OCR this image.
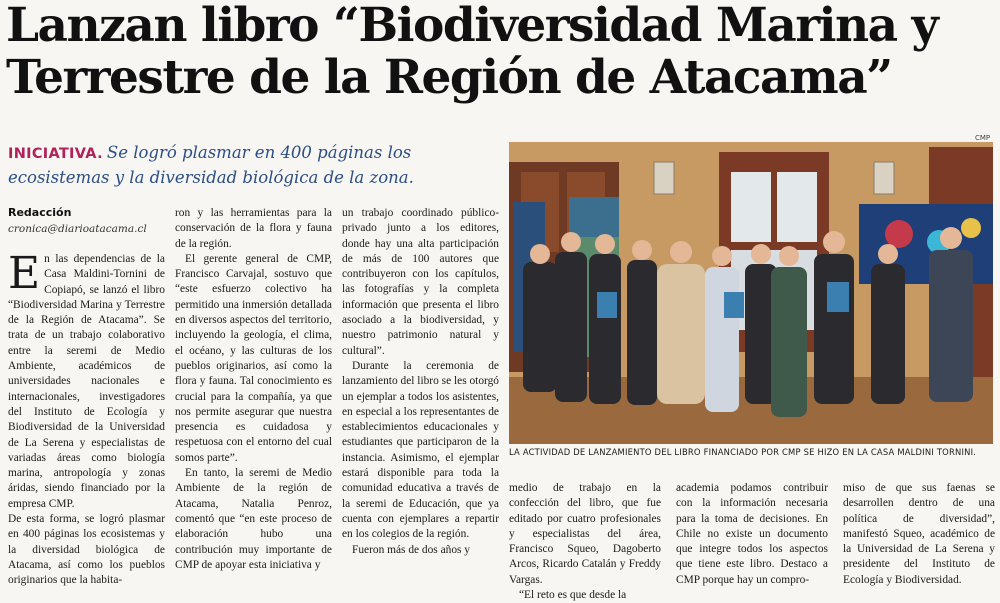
Lanzan libro “Biodiversidad Marina y Terrestre de la Región de Atacama”
INICIATIVA. Se logró plasmar en 400 páginas los ecosistemas y la diversidad biológica de la zona.
CMP
Redacción
cronica@diarioatacama.cl

En las dependencias de la Casa Maldini-Tornini de Copiapó, se lanzó el libro “Biodiversidad Marina y Terrestre de la Región de Atacama”. Se trata de un trabajo colaborativo entre la seremi de Medio Ambiente, académicos de universidades nacionales e internacionales, investigadores del Instituto de Ecología y Biodiversidad de la Universidad de La Serena y especialistas de variadas áreas como biología marina, antropología y zonas áridas, siendo financiado por la empresa CMP.

De esta forma, se logró plasmar en 400 páginas los ecosistemas y la diversidad biológica de Atacama, así como los pueblos originarios que la habita-

ron y las herramientas para la conservación de la flora y fauna de la región.

El gerente general de CMP, Francisco Carvajal, sostuvo que “este esfuerzo colectivo ha permitido una inmersión detallada en diversos aspectos del territorio, incluyendo la geología, el clima, el océano, y las culturas de los pueblos originarios, así como la flora y fauna. Tal conocimiento es crucial para la compañía, ya que nos permite asegurar que nuestra presencia es cuidadosa y respetuosa con el entorno del cual somos parte”.

En tanto, la seremi de Medio Ambiente de la región de Atacama, Natalia Penroz, comentó que “en este proceso de elaboración hubo una contribución muy importante de CMP de apoyar esta iniciativa y

un trabajo coordinado público-privado junto a los editores, donde hay una alta participación de más de 100 autores que contribuyeron con los capítulos, las fotografías y la completa información que presenta el libro asociado a la biodiversidad, y nuestro patrimonio natural y cultural”.

Durante la ceremonia de lanzamiento del libro se les otorgó un ejemplar a todos los asistentes, en especial a los representantes de establecimientos educacionales y estudiantes que participaron de la instancia. Asimismo, el ejemplar estará disponible para toda la comunidad educativa a través de la seremi de Educación, que ya cuenta con ejemplares a repartir en los colegios de la región.

Fueron más de dos años y

LA ACTIVIDAD DE LANZAMIENTO DEL LIBRO FINANCIADO POR CMP SE HIZO EN LA CASA MALDINI TORNINI.

medio de trabajo en la confección del libro, que fue editado por cuatro profesionales y especialistas del área, Francisco Squeo, Dagoberto Arcos, Ricardo Catalán y Freddy Vargas.

“El reto es que desde la

academia podamos contribuir con la información necesaria para la toma de decisiones. En Chile no existe un documento que integre todos los aspectos que tiene este libro. Destaco a CMP porque hay un compro-

miso de que sus faenas se desarrollen dentro de una política de diversidad”, manifestó Squeo, académico de la Universidad de La Serena y presidente del Instituto de Ecología y Biodiversidad.
